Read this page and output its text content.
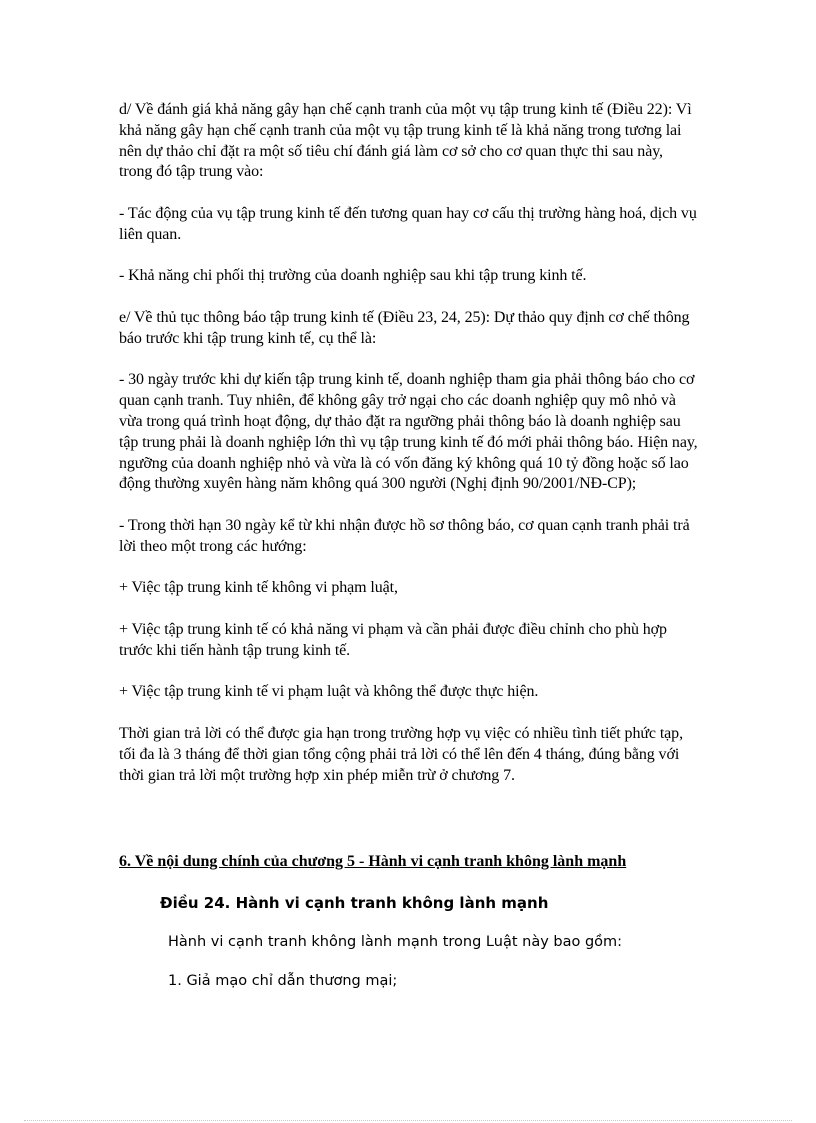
d/ Về đánh giá khả năng gây hạn chế cạnh tranh của một vụ tập trung kinh tế (Điều 22): Vì khả năng gây hạn chế cạnh tranh của một vụ tập trung kinh tế là khả năng trong tương lai nên dự thảo chỉ đặt ra một số tiêu chí đánh giá làm cơ sở cho cơ quan thực thi sau này, trong đó tập trung vào:

- Tác động của vụ tập trung kinh tế đến tương quan hay cơ cấu thị trường hàng hoá, dịch vụ liên quan.

- Khả năng chi phối thị trường của doanh nghiệp sau khi tập trung kinh tế.

e/ Về thủ tục thông báo tập trung kinh tế (Điều 23, 24, 25): Dự thảo quy định cơ chế thông báo trước khi tập trung kinh tế, cụ thể là:

- 30 ngày trước khi dự kiến tập trung kinh tế, doanh nghiệp tham gia phải thông báo cho cơ quan cạnh tranh. Tuy nhiên, để không gây trở ngại cho các doanh nghiệp quy mô nhỏ và vừa trong quá trình hoạt động, dự thảo đặt ra ngưỡng phải thông báo là doanh nghiệp sau tập trung phải là doanh nghiệp lớn thì vụ tập trung kinh tế đó mới phải thông báo. Hiện nay, ngưỡng của doanh nghiệp nhỏ và vừa là có vốn đăng ký không quá 10 tỷ đồng hoặc số lao động thường xuyên hàng năm không quá 300 người (Nghị định 90/2001/NĐ-CP);

- Trong thời hạn 30 ngày kể từ khi nhận được hồ sơ thông báo, cơ quan cạnh tranh phải trả lời theo một trong các hướng:

+ Việc tập trung kinh tế không vi phạm luật,

+ Việc tập trung kinh tế có khả năng vi phạm và cần phải được điều chỉnh cho phù hợp trước khi tiến hành tập trung kinh tế.

+ Việc tập trung kinh tế vi phạm luật và không thể được thực hiện.

Thời gian trả lời có thể được gia hạn trong trường hợp vụ việc có nhiều tình tiết phức tạp, tối đa là 3 tháng để thời gian tổng cộng phải trả lời có thể lên đến 4 tháng, đúng bằng với thời gian trả lời một trường hợp xin phép miễn trừ ở chương 7.

6. Về nội dung chính của chương 5 - Hành vi cạnh tranh không lành mạnh
Điều 24. Hành vi cạnh tranh không lành mạnh
Hành vi cạnh tranh không lành mạnh trong Luật này bao gồm:
1. Giả mạo chỉ dẫn thương mại;
